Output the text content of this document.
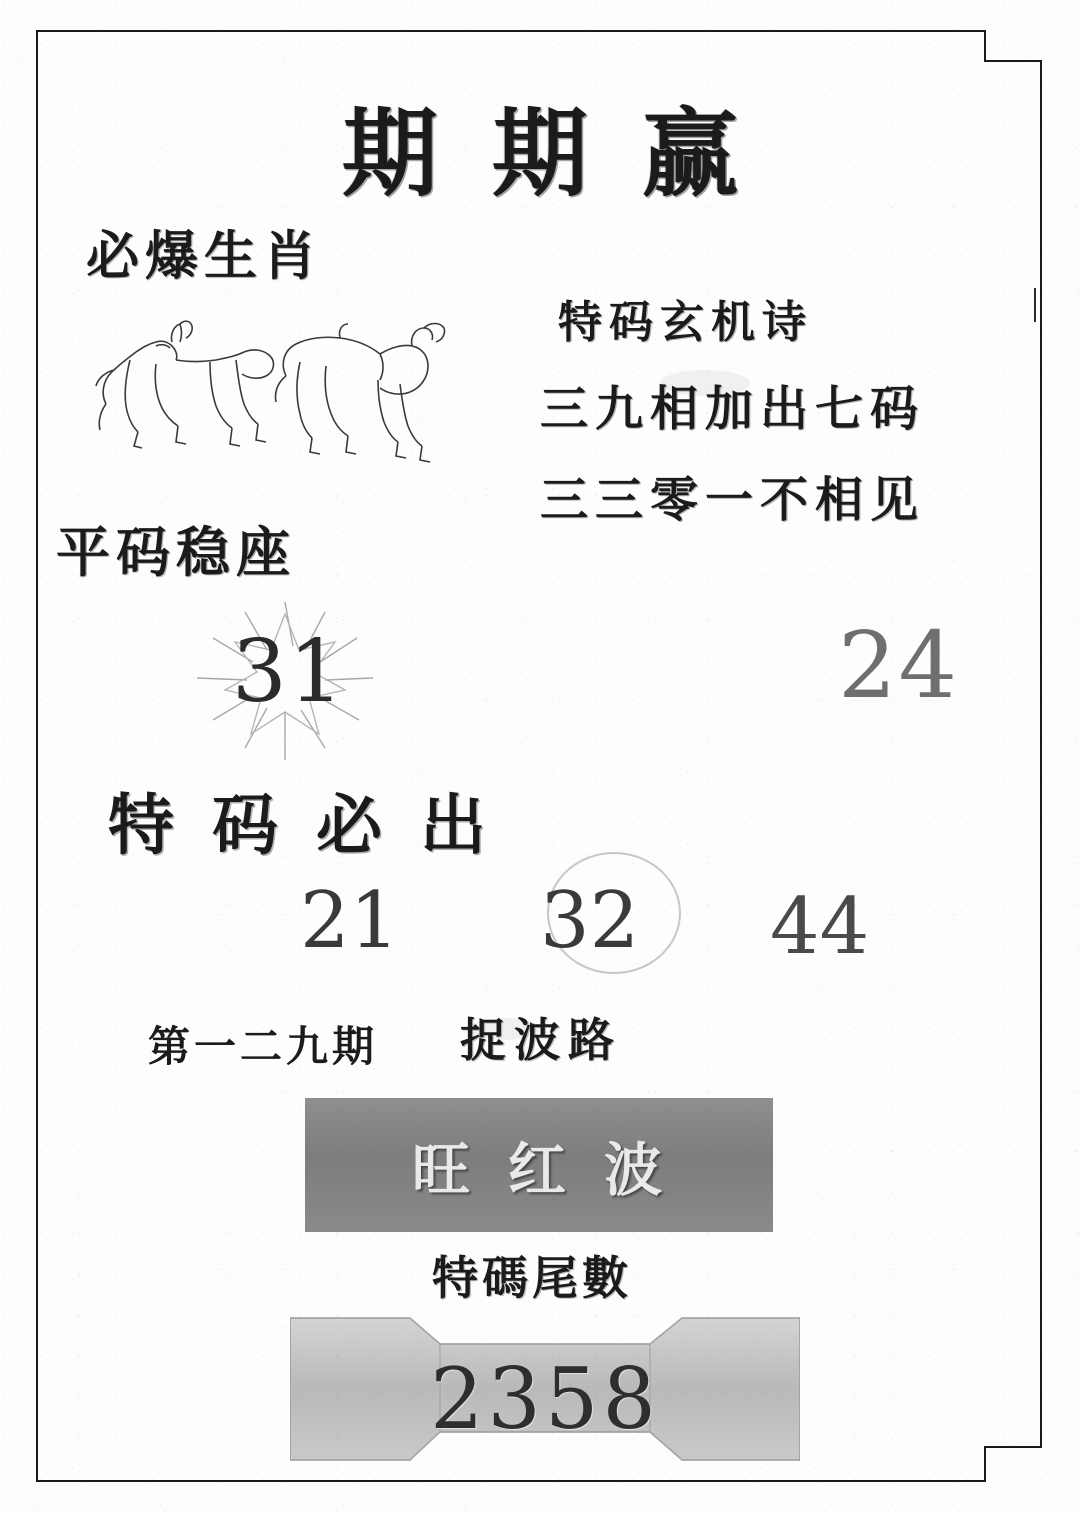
期期赢
必爆生肖
特码玄机诗
三九相加出七码
三三零一不相见
平码稳座
31	24
特码必出
21 32 44
第一二九期 捉波路
旺 红 波
特碼尾數
2358
